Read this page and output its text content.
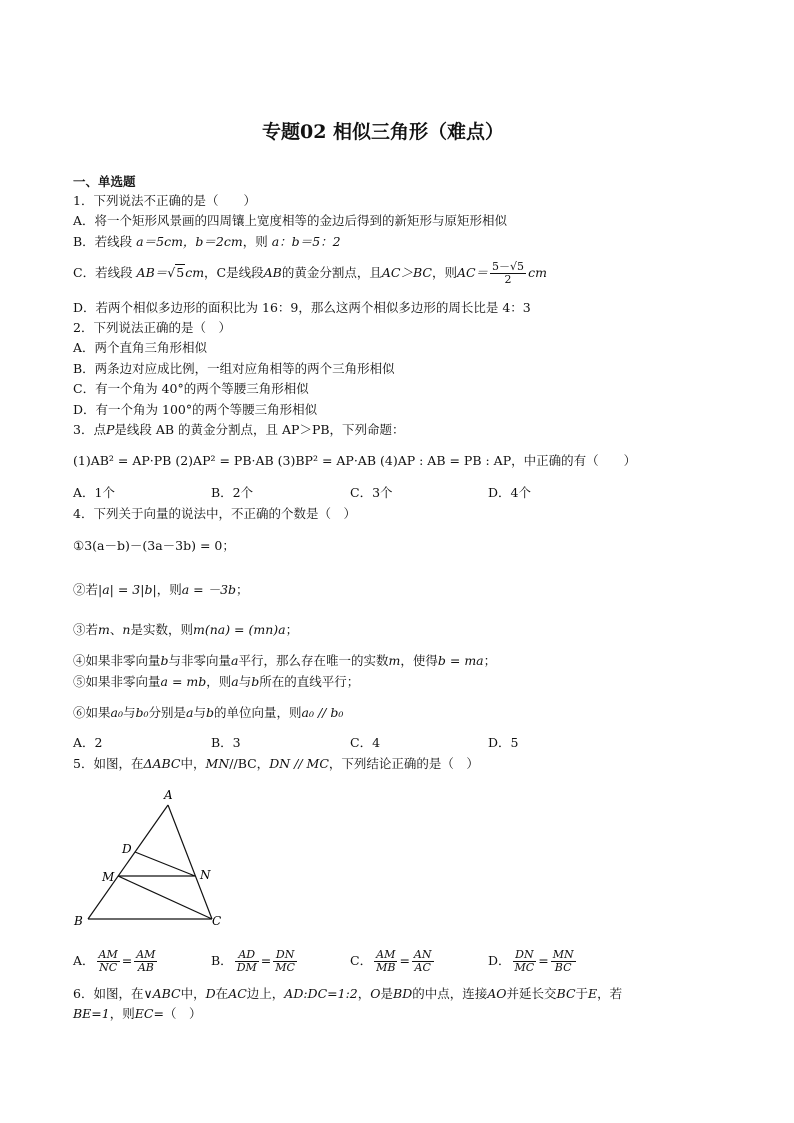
专题02 相似三角形（难点）
一、单选题
1．下列说法不正确的是（　　）
A．将一个矩形风景画的四周镶上宽度相等的金边后得到的新矩形与原矩形相似
B．若线段 a＝5cm，b＝2cm，则 a：b＝5：2
C．若线段 AB＝√5cm，C是线段AB的黄金分割点，且AC＞BC，则$AC= \frac{5-√5}{2}$ cm
D．若两个相似多边形的面积比为 16：9，那么这两个相似多边形的周长比是 4：3
2．下列说法正确的是（　）
A．两个直角三角形相似
B．两条边对应成比例，一组对应角相等的两个三角形相似
C．有一个角为 40°的两个等腰三角形相似
D．有一个角为 100°的两个等腰三角形相似
3．点P是线段 AB 的黄金分割点，且 AP＞PB，下列命题：
(1)AB² = AP·PB (2)AP² = PB·AB (3)BP² = AP·AB (4)AP : AB = PB : AP，中正确的有（　　）
A．1个	B．2个	C．3个	D．4个
4．下列关于向量的说法中，不正确的个数是（　）
①3(a－b)－(3a－3b) = 0；
②若|a| = 3|b|，则a = －3b；
③若m、n是实数，则m(na) = (mn)a；
④如果非零向量b与非零向量a平行，那么存在唯一的实数m，使得b = ma；
⑤如果非零向量a = mb，则a与b所在的直线平行；
⑥如果a₀与b₀分别是a与b的单位向量，则a₀ // b₀
A．2	B．3	C．4	D．5
5．如图，在ΔABC中，MN//BC，DN // MC，下列结论正确的是（　）
A
D
M	N
B	C
A． $\frac{AM}{NC} = \frac{AM}{AB}$	B． $\frac{AD}{DM} = \frac{DN}{MC}$	C． $\frac{AM}{MB} = \frac{AN}{AC}$	D． $\frac{DN}{MC} = \frac{MN}{BC}$
6．如图，在∨ABC中，D在AC边上，AD:DC=1:2，O是BD的中点，连接AO并延长交BC于E，若
BE=1，则EC=（　）
